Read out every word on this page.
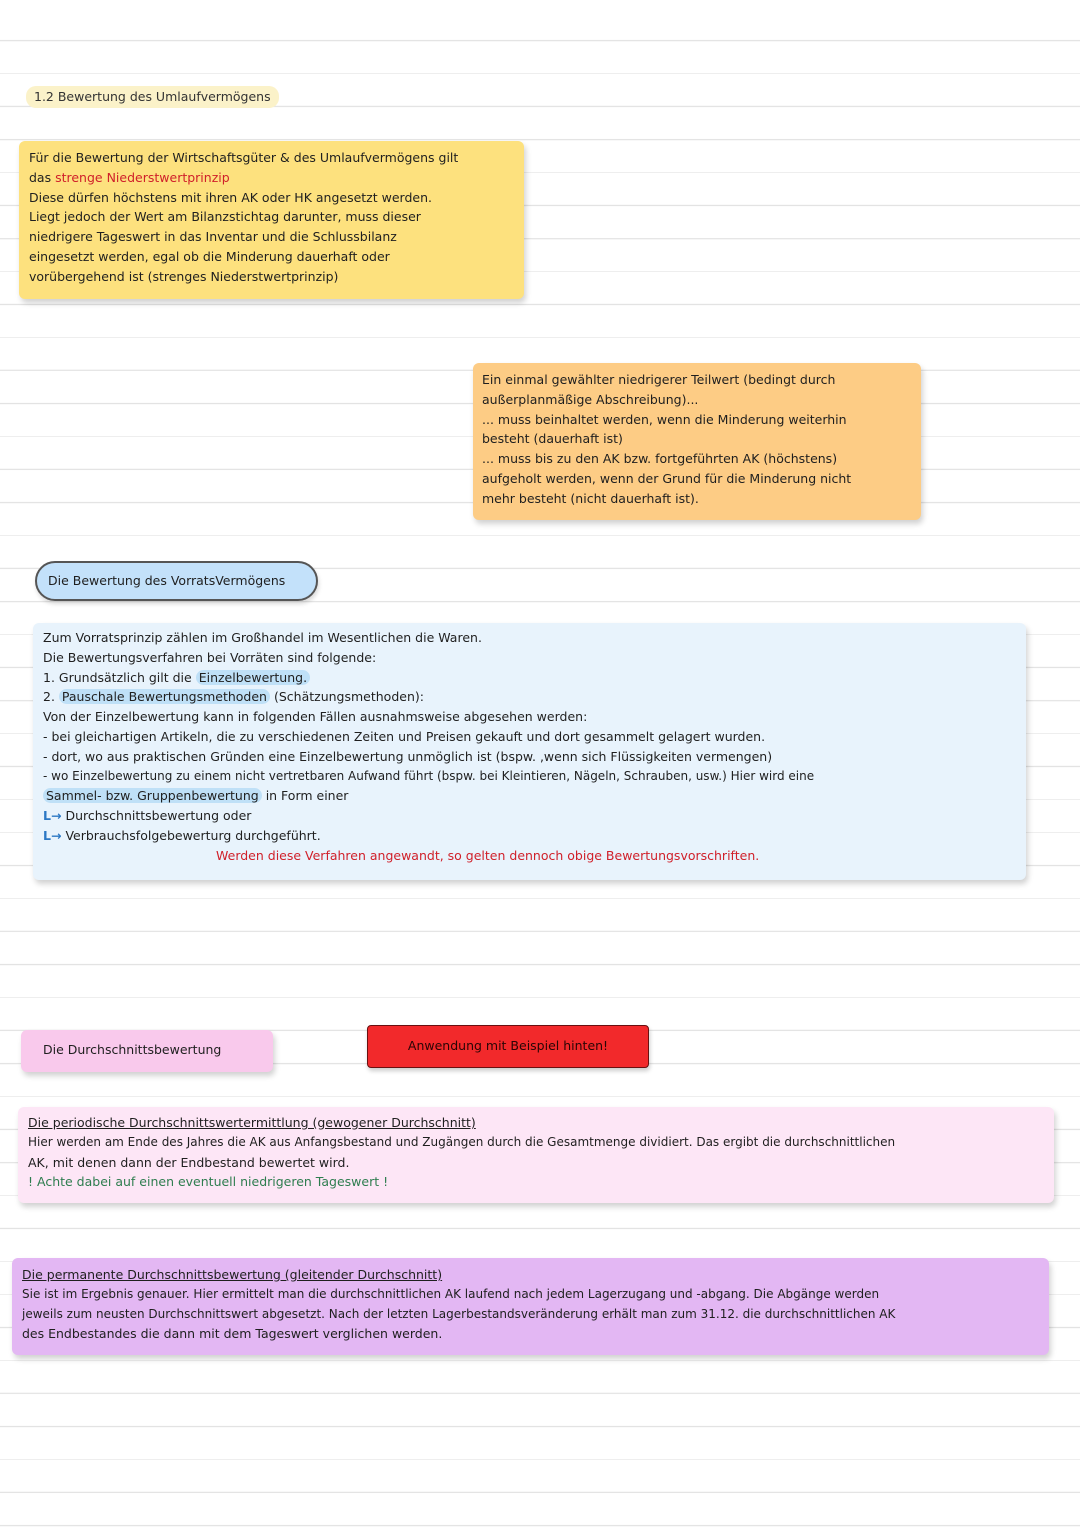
1.2 Bewertung des Umlaufvermögens

Für die Bewertung der Wirtschaftsgüter & des Umlaufvermögens gilt

das strenge Niederstwertprinzip

Diese dürfen höchstens mit ihren AK oder HK angesetzt werden.

Liegt jedoch der Wert am Bilanzstichtag darunter, muss dieser

niedrigere Tageswert in das Inventar und die Schlussbilanz

eingesetzt werden, egal ob die Minderung dauerhaft oder

vorübergehend ist (strenges Niederstwertprinzip)

Ein einmal gewählter niedrigerer Teilwert (bedingt durch

außerplanmäßige Abschreibung)...

... muss beinhaltet werden, wenn die Minderung weiterhin

besteht (dauerhaft ist)

... muss bis zu den AK bzw. fortgeführten AK (höchstens)

aufgeholt werden, wenn der Grund für die Minderung nicht

mehr besteht (nicht dauerhaft ist).

Die Bewertung des VorratsVermögens

Zum Vorratsprinzip zählen im Großhandel im Wesentlichen die Waren.

Die Bewertungsverfahren bei Vorräten sind folgende:

1. Grundsätzlich gilt die Einzelbewertung.

2. Pauschale Bewertungsmethoden (Schätzungsmethoden):

Von der Einzelbewertung kann in folgenden Fällen ausnahmsweise abgesehen werden:

- bei gleichartigen Artikeln, die zu verschiedenen Zeiten und Preisen gekauft und dort gesammelt gelagert wurden.

- dort, wo aus praktischen Gründen eine Einzelbewertung unmöglich ist (bspw. ,wenn sich Flüssigkeiten vermengen)

- wo Einzelbewertung zu einem nicht vertretbaren Aufwand führt (bspw. bei Kleintieren, Nägeln, Schrauben, usw.) Hier wird eine

Sammel- bzw. Gruppenbewertung in Form einer

L→ Durchschnittsbewertung oder

L→ Verbrauchsfolgebewerturg durchgeführt.

Werden diese Verfahren angewandt, so gelten dennoch obige Bewertungsvorschriften.

Die Durchschnittsbewertung	Anwendung mit Beispiel hinten!

Die periodische Durchschnittswertermittlung (gewogener Durchschnitt)

Hier werden am Ende des Jahres die AK aus Anfangsbestand und Zugängen durch die Gesamtmenge dividiert. Das ergibt die durchschnittlichen

AK, mit denen dann der Endbestand bewertet wird.

! Achte dabei auf einen eventuell niedrigeren Tageswert !

Die permanente Durchschnittsbewertung (gleitender Durchschnitt)

Sie ist im Ergebnis genauer. Hier ermittelt man die durchschnittlichen AK laufend nach jedem Lagerzugang und -abgang. Die Abgänge werden

jeweils zum neusten Durchschnittswert abgesetzt. Nach der letzten Lagerbestandsveränderung erhält man zum 31.12. die durchschnittlichen AK

des Endbestandes die dann mit dem Tageswert verglichen werden.
